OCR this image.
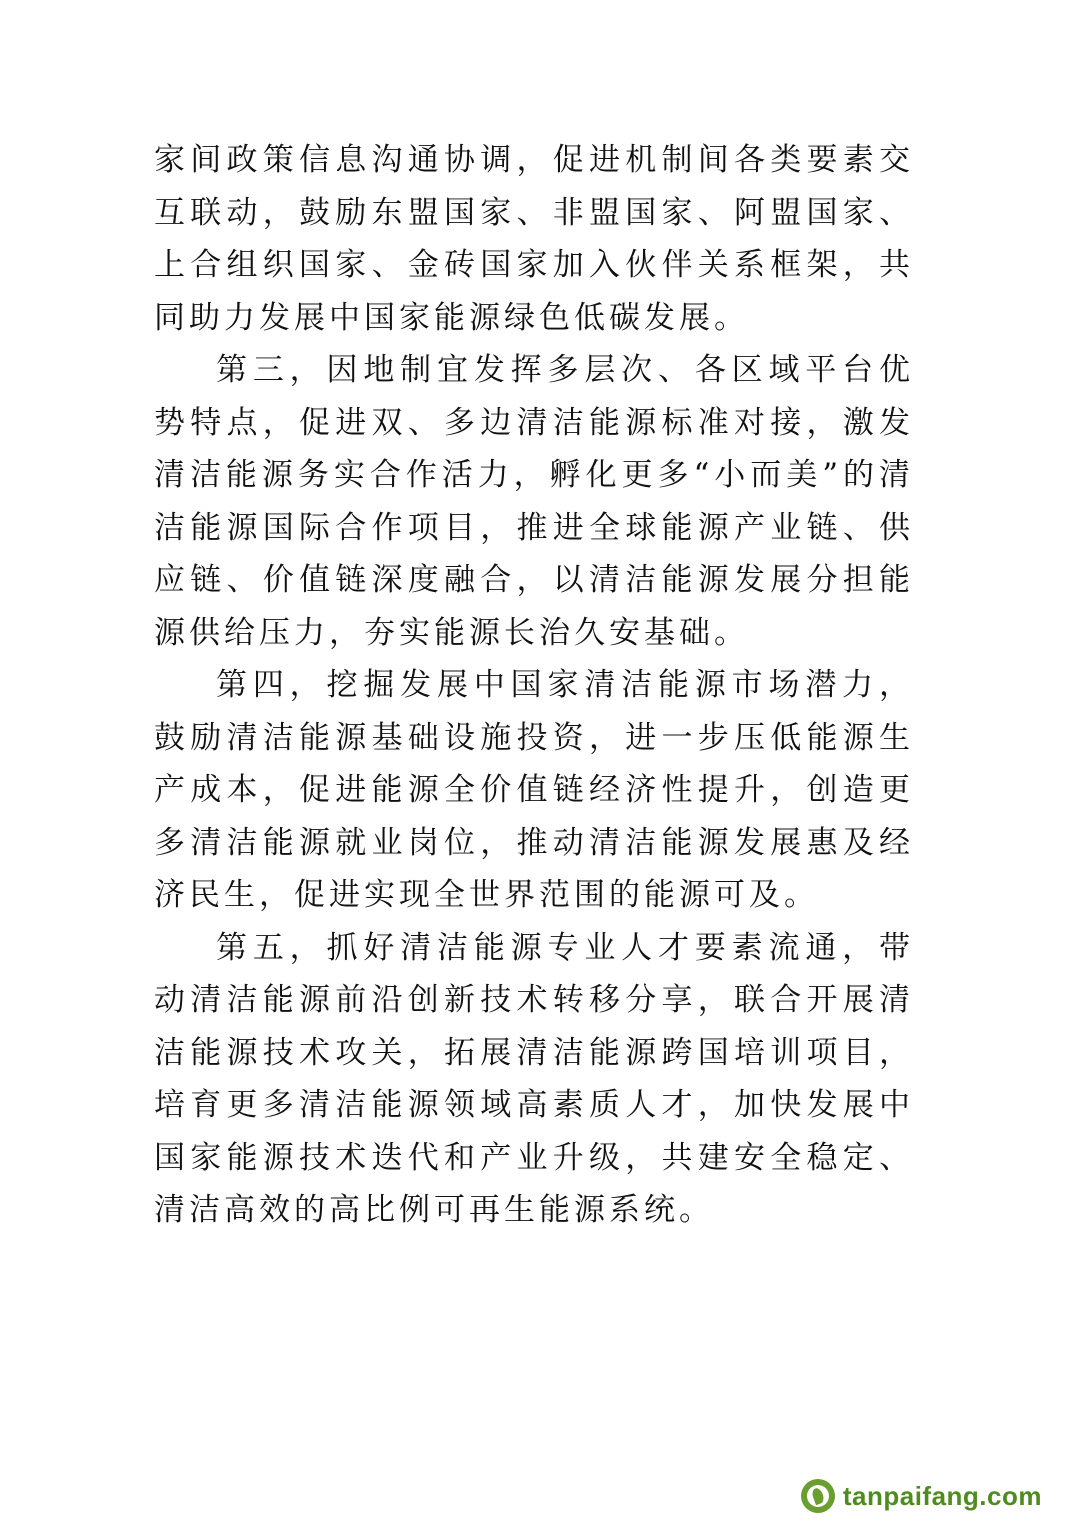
家间政策信息沟通协调，促进机制间各类要素交互联动，鼓励东盟国家、非盟国家、阿盟国家、上合组织国家、金砖国家加入伙伴关系框架，共同助力发展中国家能源绿色低碳发展。

第三，因地制宜发挥多层次、各区域平台优势特点，促进双、多边清洁能源标准对接，激发清洁能源务实合作活力，孵化更多“小而美”的清洁能源国际合作项目，推进全球能源产业链、供应链、价值链深度融合，以清洁能源发展分担能源供给压力，夯实能源长治久安基础。

第四，挖掘发展中国家清洁能源市场潜力，鼓励清洁能源基础设施投资，进一步压低能源生产成本，促进能源全价值链经济性提升，创造更多清洁能源就业岗位，推动清洁能源发展惠及经济民生，促进实现全世界范围的能源可及。

第五，抓好清洁能源专业人才要素流通，带动清洁能源前沿创新技术转移分享，联合开展清洁能源技术攻关，拓展清洁能源跨国培训项目，培育更多清洁能源领域高素质人才，加快发展中国家能源技术迭代和产业升级，共建安全稳定、清洁高效的高比例可再生能源系统。

tanpaifang.com
